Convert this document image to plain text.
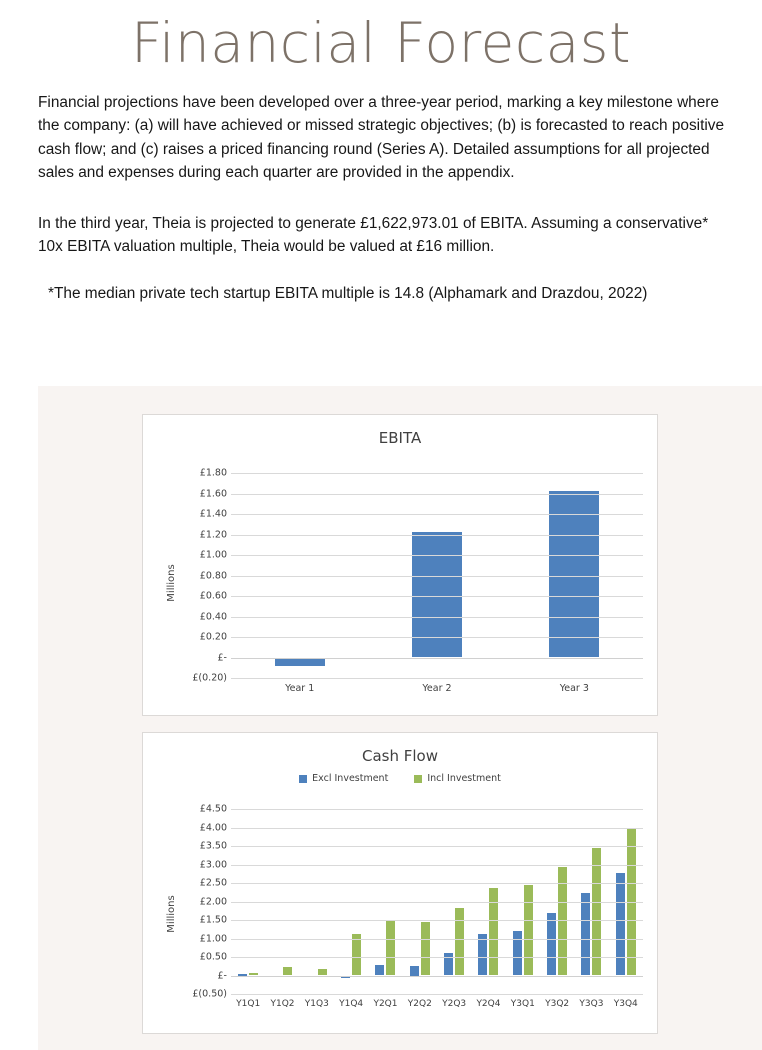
Financial Forecast

Financial projections have been developed over a three-year period, marking a key milestone where the company: (a) will have achieved or missed strategic objectives; (b) is forecasted to reach positive cash flow; and (c) raises a priced financing round (Series A). Detailed assumptions for all projected sales and expenses during each quarter are provided in the appendix.

In the third year, Theia is projected to generate £1,622,973.01 of EBITA. Assuming a conservative* 10x EBITA valuation multiple, Theia would be valued at £16 million.

*The median private tech startup EBITA multiple is 14.8 (Alphamark and Drazdou, 2022)

EBITA
Millions
£1.80
£1.60
£1.40
£1.20
£1.00
£0.80
£0.60
£0.40
£0.20
£-
£(0.20)
Year 1	Year 2	Year 3
Cash Flow
Excl Investment	Incl Investment
Millions
£4.50
£4.00
£3.50
£3.00
£2.50
£2.00
£1.50
£1.00
£0.50
£-
£(0.50)
Y1Q1	Y1Q2	Y1Q3	Y1Q4	Y2Q1	Y2Q2	Y2Q3	Y2Q4	Y3Q1	Y3Q2	Y3Q3	Y3Q4
